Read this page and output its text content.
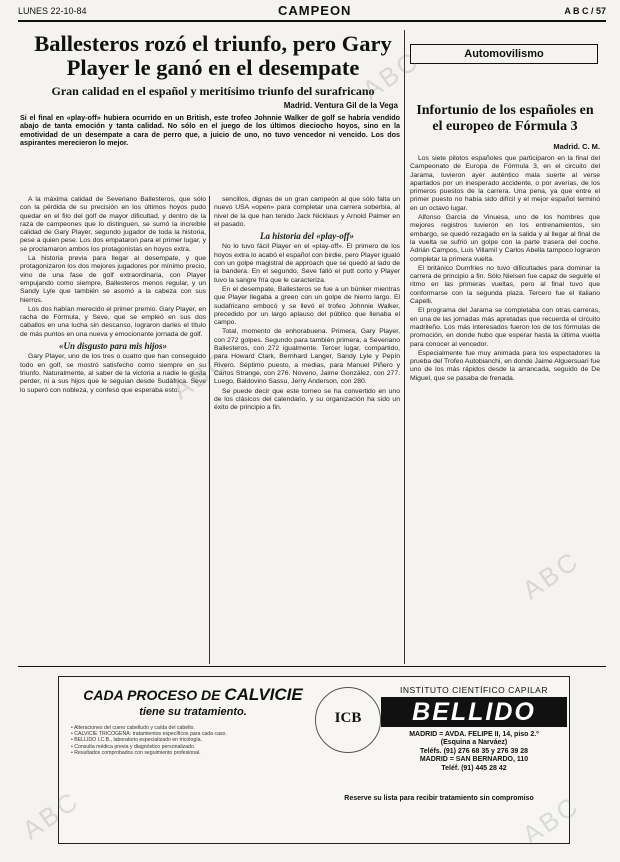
LUNES 22-10-84	CAMPEON	A B C / 57
Ballesteros rozó el triunfo, pero Gary Player le ganó en el desempate
Gran calidad en el español y meritísimo triunfo del surafricano
Madrid. Ventura Gil de la Vega
Si el final en «play-off» hubiera ocurrido en un British, este trofeo Johnnie Walker de golf se habría vendido abajo de tanta emoción y tanta calidad. No sólo en el juego de los últimos dieciocho hoyos, sino en la emotividad de un desempate a cara de perro que, a juicio de uno, no tuvo vencedor ni vencido. Los dos aspirantes merecieron lo mejor.

A la máxima calidad de Severiano Ballesteros, que sólo con la pérdida de su precisión en los últimos hoyos pudo quedar en el filo del golf de mayor dificultad, y dentro de la raza de campeones que lo distinguen, se sumó la increíble calidad de Gary Player, segundo jugador de toda la historia, pese a quien pese. Los dos empataron para el primer lugar, y se proclamaron ambos los protagonistas en hoyos extra.

La historia previa para llegar al desempate, y que protagonizaron los dos mejores jugadores por mínimo precio, vino de una fase de golf extraordinaria, con Player empujando como siempre, Ballesteros menos regular, y un Sandy Lyle que también se asomó a la cabeza con sus hierros.

Los dos habían merecido el primer premio. Gary Player, en racha de Fórmula, y Seve, que se empleó en sus dos caballos en una lucha sin descanso, lograron darles el título de más puntos en una nueva y emocionante jornada de golf.

«Un disgusto para mis hijos»

Gary Player, uno de los tres o cuatro que han conseguido todo en golf, se mostró satisfecho como siempre en su triunfo. Naturalmente, al saber de la victoria a nadie le gusta perder, ni a sus hijos que le seguían desde Sudáfrica. Seve lo superó con nobleza, y confesó que esperaba esto.

sencillos, dignas de un gran campeón al que sólo falta un nuevo USA «open» para completar una carrera soberbia, al nivel de la que han tenido Jack Nicklaus y Arnold Palmer en el pasado.

La historia del «play-off»

No lo tuvo fácil Player en el «play-off». El primero de los hoyos extra lo acabó el español con birdie, pero Player igualó con un golpe magistral de approach que se quedó al lado de la bandera. En el segundo, Seve falló el putt corto y Player tuvo la sangre fría que le caracteriza.

En el desempate, Ballesteros se fue a un búnker mientras que Player llegaba a green con un golpe de hierro largo. El sudafricano embocó y se llevó el trofeo Johnnie Walker, precedido por un largo aplauso del público que llenaba el campo.

Total, momento de enhorabuena. Primera, Gary Player, con 272 golpes. Segundo para también primera, a Severiano Ballesteros, con 272 igualmente. Tercer lugar, compartido, para Howard Clark, Bernhard Langer, Sandy Lyle y Pepín Rivero. Séptimo puesto, a medias, para Manuel Piñero y Carlos Strange, con 276. Noveno, Jaime González, con 277. Luego, Baldovino Sassu, Jerry Anderson, con 280.

Se puede decir que este torneo se ha convertido en uno de los clásicos del calendario, y su organización ha sido un éxito de principio a fin.

Automovilismo
Infortunio de los españoles en el europeo de Fórmula 3
Madrid. C. M.

Los siete pilotos españoles que participaron en la final del Campeonato de Europa de Fórmula 3, en el circuito del Jarama, tuvieron ayer auténtico mala suerte al verse apartados por un inesperado accidente, o por averías, de los primeros puestos de la carrera. Una pena, ya que entre el primer puesto no había sido difícil y el mejor español terminó en un octavo lugar.

Alfonso García de Vinuesa, uno de los hombres que mejores registros tuvieron en los entrenamientos, sin embargo, se quedó rezagado en la salida y al llegar al final de la vuelta se sufrió un golpe con la parte trasera del coche. Adrián Campos, Luis Villamil y Carlos Abella tampoco lograron completar la primera vuelta.

El británico Dumfries no tuvo dificultades para dominar la carrera de principio a fin. Sólo Nielsen fue capaz de seguirle el ritmo en las primeras vueltas, pero al final tuvo que conformarse con la segunda plaza. Tercero fue el italiano Capelli.

El programa del Jarama se completaba con otras carreras, en una de las jornadas más apretadas que recuerda el circuito madrileño. Los más interesados fueron los de los fórmulas de promoción, en donde hubo que esperar hasta la última vuelta para conocer al vencedor.

Especialmente fue muy animada para los espectadores la prueba del Trofeo Autobianchi, en donde Jaime Alguersuari fue uno de los más rápidos desde la arrancada, seguido de De Miguel, que se pasaba de frenada.

CADA PROCESO DE CALVICIE
tiene su tratamiento.
• Alteraciones del cuero cabelludo y caída del cabello.
• CALVICIE TRICÓGENA: tratamientos específicos para cada caso.
• BELLIDO I.C.B., laboratorio especializado en tricología.
• Consulta médica previa y diagnóstico personalizado.
• Resultados comprobados con seguimiento profesional.
ICB
INSTITUTO CIENTÍFICO CAPILAR
BELLIDO
MADRID = AVDA. FELIPE II, 14, piso 2.º
(Esquina a Narváez)
Teléfs. (91) 276 68 35 y 276 39 28
MADRID = SAN BERNARDO, 110
Teléf. (91) 445 28 42
Reserve su lista para recibir tratamiento sin compromiso
ABC
ABC
ABC
ABC	ABC
